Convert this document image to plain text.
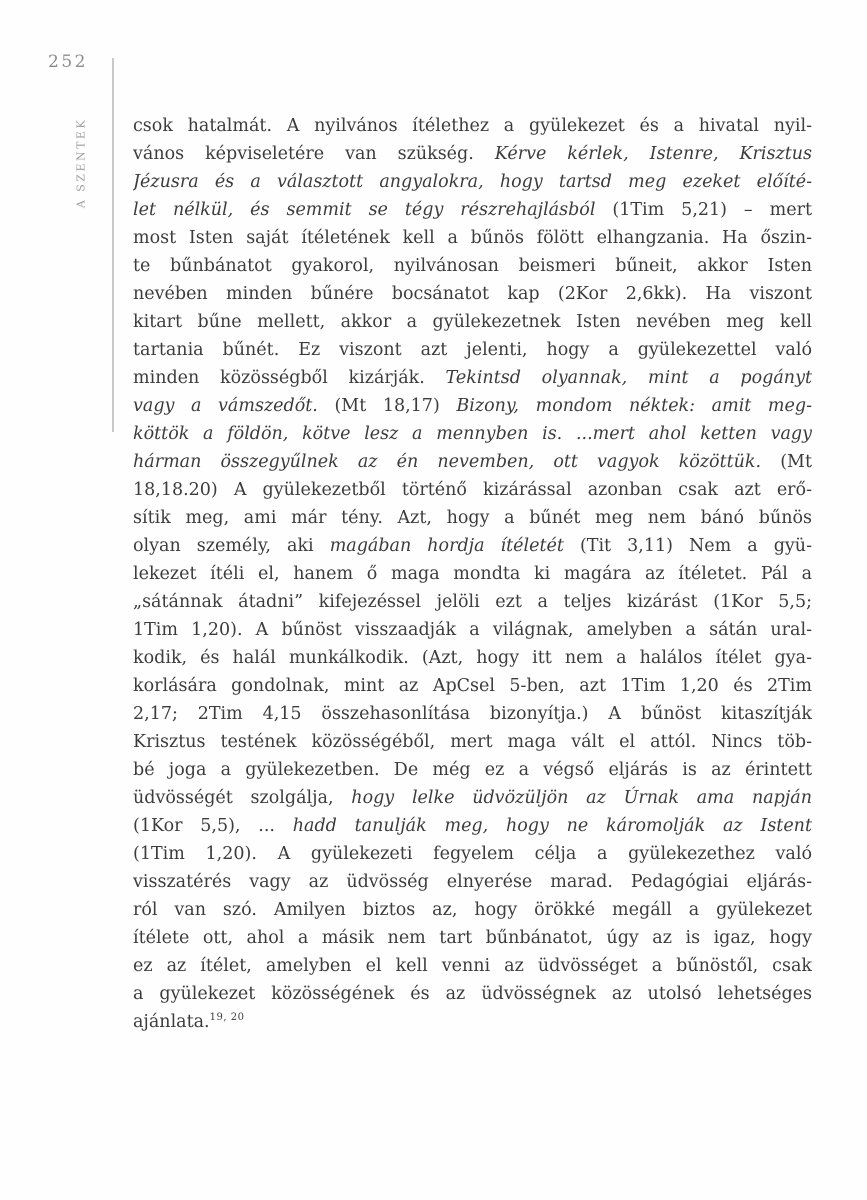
252
A SZENTEK	csok hatalmát. A nyilvános ítélethez a gyülekezet és a hivatal nyil-
vános képviseletére van szükség. Kérve kérlek, Istenre, Krisztus
Jézusra és a választott angyalokra, hogy tartsd meg ezeket előíté-
let nélkül, és semmit se tégy részrehajlásból (1Tim 5,21) – mert
most Isten saját ítéletének kell a bűnös fölött elhangzania. Ha őszin-
te bűnbánatot gyakorol, nyilvánosan beismeri bűneit, akkor Isten
nevében minden bűnére bocsánatot kap (2Kor 2,6kk). Ha viszont
kitart bűne mellett, akkor a gyülekezetnek Isten nevében meg kell
tartania bűnét. Ez viszont azt jelenti, hogy a gyülekezettel való
minden közösségből kizárják. Tekintsd olyannak, mint a pogányt
vagy a vámszedőt. (Mt 18,17) Bizony, mondom néktek: amit meg-
köttök a földön, kötve lesz a mennyben is. ...mert ahol ketten vagy
hárman összegyűlnek az én nevemben, ott vagyok közöttük. (Mt
18,18.20) A gyülekezetből történő kizárással azonban csak azt erő-
sítik meg, ami már tény. Azt, hogy a bűnét meg nem bánó bűnös
olyan személy, aki magában hordja ítéletét (Tit 3,11) Nem a gyü-
lekezet ítéli el, hanem ő maga mondta ki magára az ítéletet. Pál a
„sátánnak átadni” kifejezéssel jelöli ezt a teljes kizárást (1Kor 5,5;
1Tim 1,20). A bűnöst visszaadják a világnak, amelyben a sátán ural-
kodik, és halál munkálkodik. (Azt, hogy itt nem a halálos ítélet gya-
korlására gondolnak, mint az ApCsel 5-ben, azt 1Tim 1,20 és 2Tim
2,17; 2Tim 4,15 összehasonlítása bizonyítja.) A bűnöst kitaszítják
Krisztus testének közösségéből, mert maga vált el attól. Nincs töb-
bé joga a gyülekezetben. De még ez a végső eljárás is az érintett
üdvösségét szolgálja, hogy lelke üdvözüljön az Úrnak ama napján
(1Kor 5,5), ... hadd tanulják meg, hogy ne káromolják az Istent
(1Tim 1,20). A gyülekezeti fegyelem célja a gyülekezethez való
visszatérés vagy az üdvösség elnyerése marad. Pedagógiai eljárás-
ról van szó. Amilyen biztos az, hogy örökké megáll a gyülekezet
ítélete ott, ahol a másik nem tart bűnbánatot, úgy az is igaz, hogy
ez az ítélet, amelyben el kell venni az üdvösséget a bűnöstől, csak
a gyülekezet közösségének és az üdvösségnek az utolsó lehetséges
ajánlata.$^{19, 20}$
